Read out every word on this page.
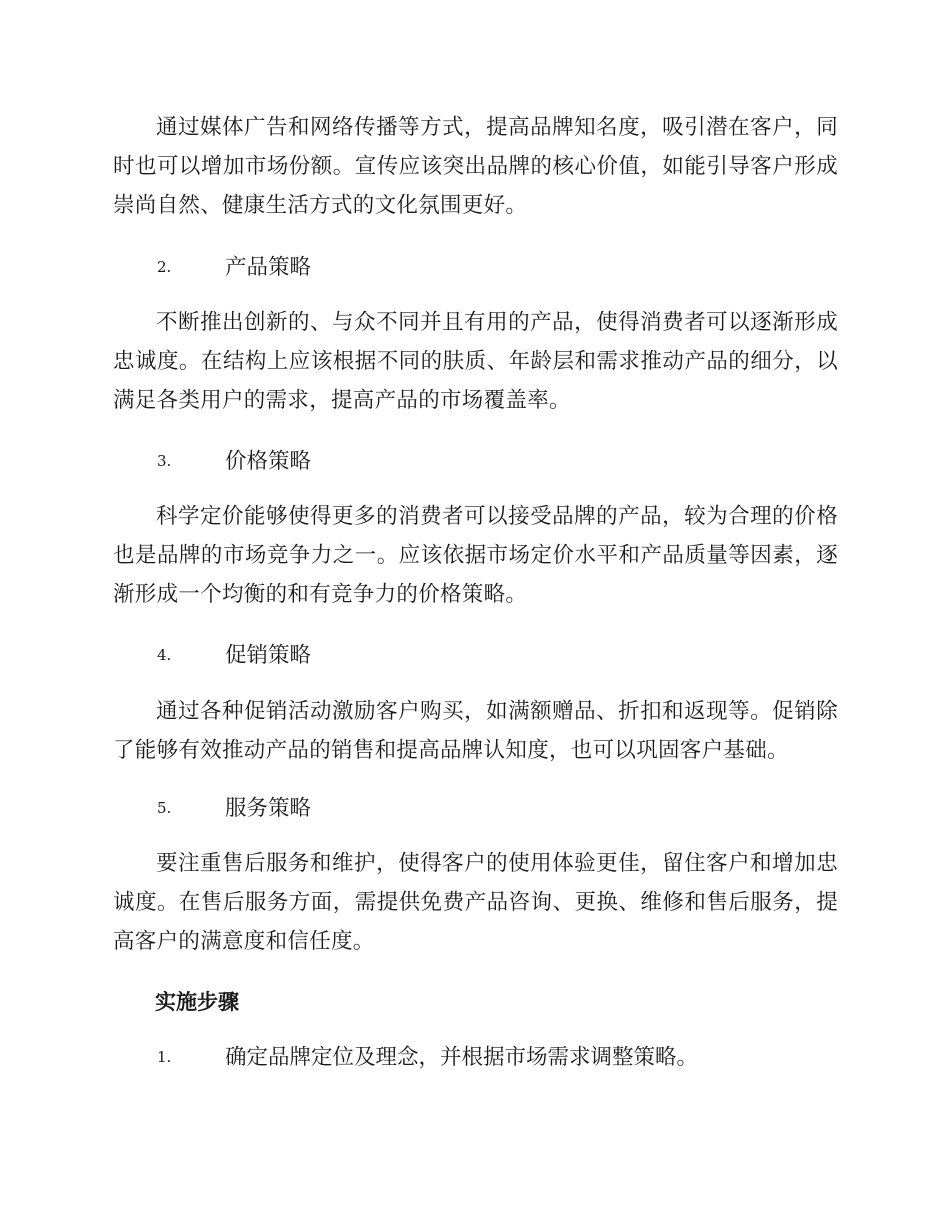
通过媒体广告和网络传播等方式，提高品牌知名度，吸引潜在客户，同时也可以增加市场份额。宣传应该突出品牌的核心价值，如能引导客户形成崇尚自然、健康生活方式的文化氛围更好。

2. 产品策略

不断推出创新的、与众不同并且有用的产品，使得消费者可以逐渐形成忠诚度。在结构上应该根据不同的肤质、年龄层和需求推动产品的细分，以满足各类用户的需求，提高产品的市场覆盖率。

3. 价格策略

科学定价能够使得更多的消费者可以接受品牌的产品，较为合理的价格也是品牌的市场竞争力之一。应该依据市场定价水平和产品质量等因素，逐渐形成一个均衡的和有竞争力的价格策略。

4. 促销策略

通过各种促销活动激励客户购买，如满额赠品、折扣和返现等。促销除了能够有效推动产品的销售和提高品牌认知度，也可以巩固客户基础。

5. 服务策略

要注重售后服务和维护，使得客户的使用体验更佳，留住客户和增加忠诚度。在售后服务方面，需提供免费产品咨询、更换、维修和售后服务，提高客户的满意度和信任度。

实施步骤
1. 确定品牌定位及理念，并根据市场需求调整策略。
